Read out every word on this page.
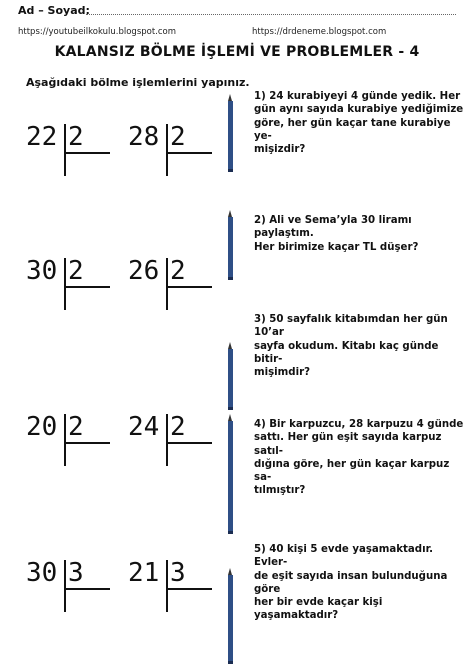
Ad – Soyad:
https://youtubeilkokulu.blogspot.com	https://drdeneme.blogspot.com
KALANSIZ BÖLME İŞLEMİ VE PROBLEMLER - 4
Aşağıdaki bölme işlemlerini yapınız.
22 2 28 2
30 2 26 2
20 2 24 2
30 3 21 3
1) 24 kurabiyeyi 4 günde yedik. Her
gün aynı sayıda kurabiye yediğimize
göre, her gün kaçar tane kurabiye ye-
mişizdir?
2) Ali ve Sema’yla 30 liramı paylaştım.
Her birimize kaçar TL düşer?
3) 50 sayfalık kitabımdan her gün 10’ar
sayfa okudum. Kitabı kaç günde bitir-
mişimdir?
4) Bir karpuzcu, 28 karpuzu 4 günde
sattı. Her gün eşit sayıda karpuz satıl-
dığına göre, her gün kaçar karpuz sa-
tılmıştır?
5) 40 kişi 5 evde yaşamaktadır. Evler-
de eşit sayıda insan bulunduğuna göre
her bir evde kaçar kişi yaşamaktadır?
